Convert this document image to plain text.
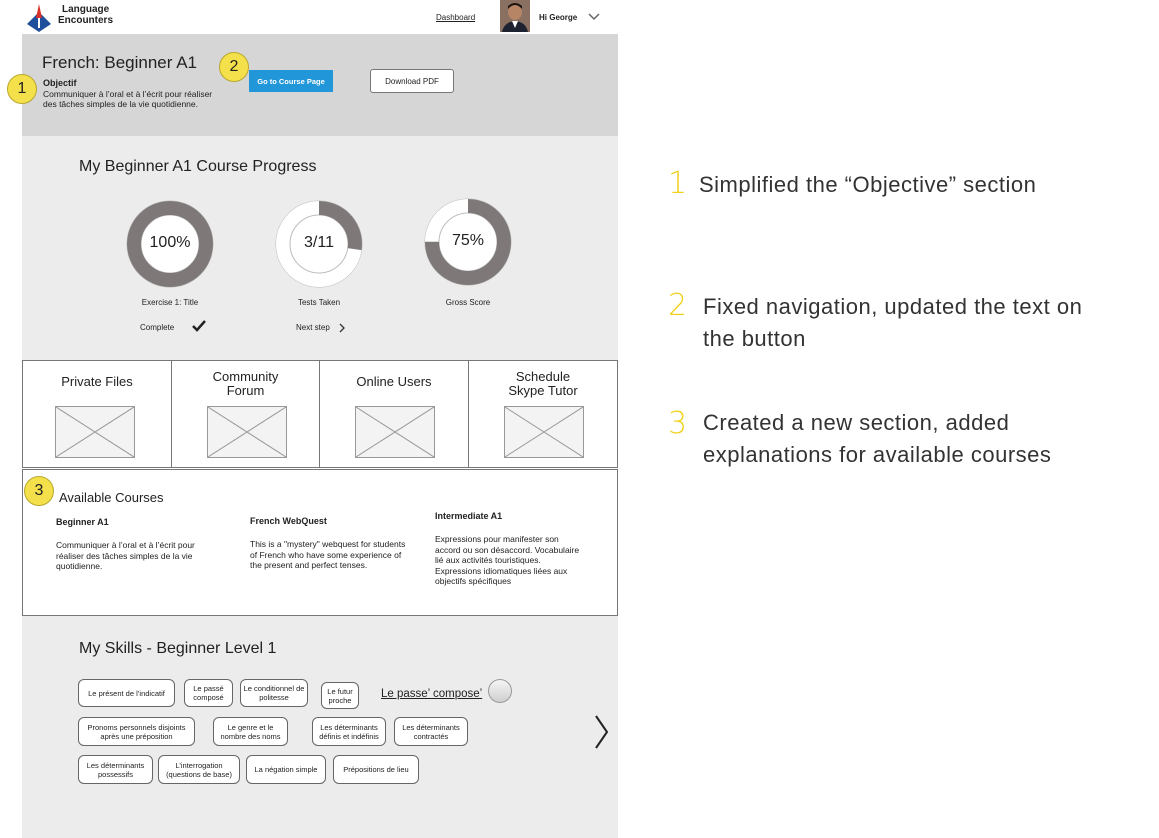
Language
Encounters	Dashboard	Hi George
French: Beginner A1
Objectif
Communiquer à l’oral et à l’écrit pour réaliser des tâches simples de la vie quotidienne.
Go to Course Page	Download PDF
My Beginner A1 Course Progress
100%
Exercise 1: Title
Complete
3/11
Tests Taken
Next step
75%
Gross Score
Private Files	Community
Forum
Online Users	Schedule
Skype Tutor
Available Courses
Beginner A1
Communiquer à l’oral et à l’écrit pour réaliser des tâches simples de la vie quotidienne.
French WebQuest
This is a "mystery" webquest for students of French who have some experience of the present and perfect tenses.
Intermediate A1
Expressions pour manifester son accord ou son désaccord. Vocabulaire lié aux activités touristiques. Expressions idiomatiques liées aux objectifs spécifiques
My Skills - Beginner Level 1
Le présent de l’indicatif	Le passé composé
Le conditionnel de politesse
Le futur proche	Le passe’ compose’
Pronoms personnels disjoints après une préposition
Le genre et le nombre des noms
Les déterminants définis et indéfinis
Les déterminants contractés
Les déterminants possessifs
L’interrogation (questions de base)	La négation simple	Prépositions de lieu
1
2
3
1 Simplified the “Objective” section
2 Fixed navigation, updated the text on the button
3 Created a new section, added explanations for available courses
